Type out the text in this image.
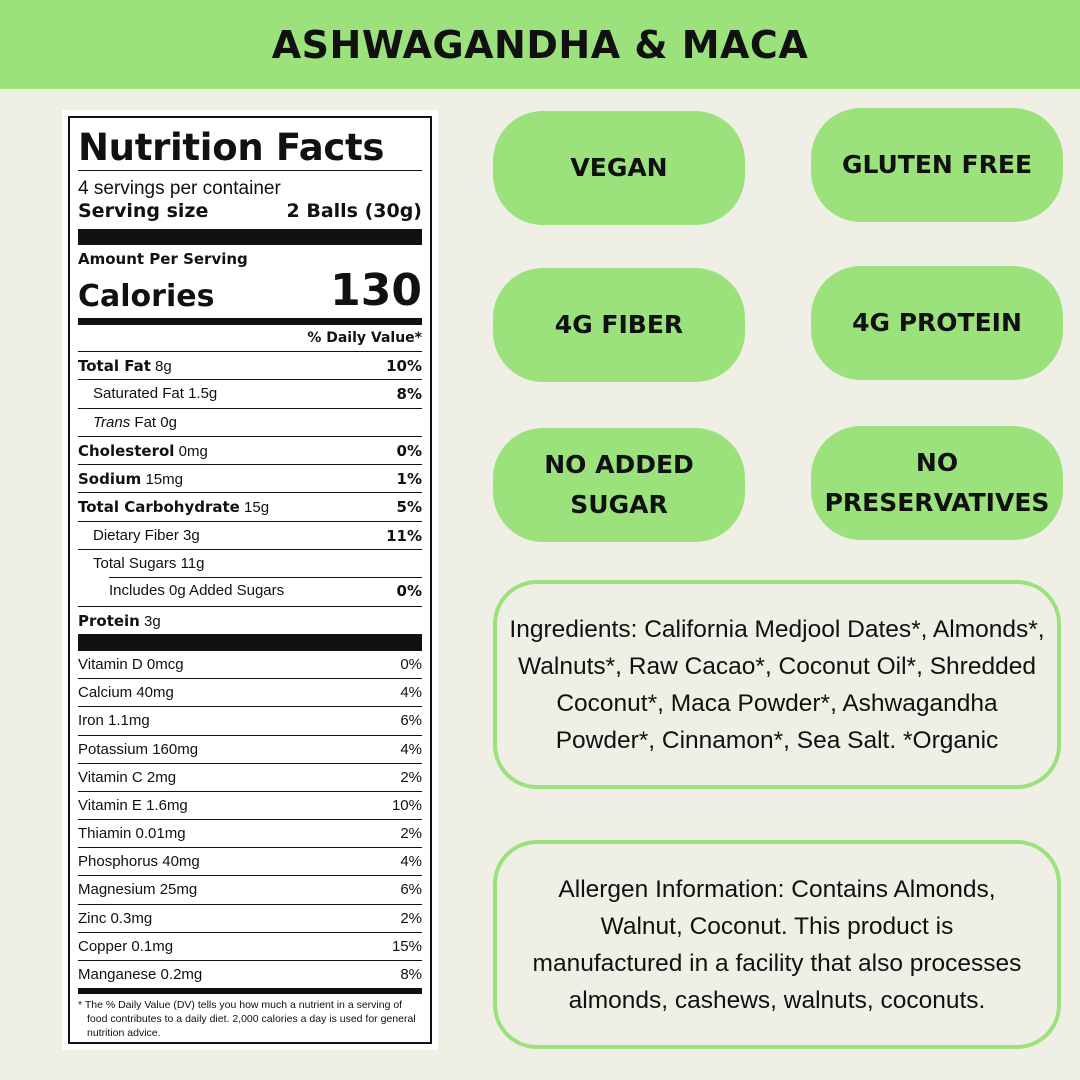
ASHWAGANDHA & MACA
Nutrition Facts
4 servings per container
Serving size	2 Balls (30g)
Amount Per Serving
Calories	130
% Daily Value*
Total Fat 8g	10%
Saturated Fat 1.5g	8%
Trans Fat 0g
Cholesterol 0mg	0%
Sodium 15mg	1%
Total Carbohydrate 15g	5%
Dietary Fiber 3g	11%
Total Sugars 11g
Includes 0g Added Sugars	0%
Protein 3g
Vitamin D 0mcg	0%
Calcium 40mg	4%
Iron 1.1mg	6%
Potassium 160mg	4%
Vitamin C 2mg	2%
Vitamin E 1.6mg	10%
Thiamin 0.01mg	2%
Phosphorus 40mg	4%
Magnesium 25mg	6%
Zinc 0.3mg	2%
Copper 0.1mg	15%
Manganese 0.2mg	8%
* The % Daily Value (DV) tells you how much a nutrient in a serving of food contributes to a daily diet. 2,000 calories a day is used for general nutrition advice.
VEGAN	GLUTEN FREE
4G FIBER	4G PROTEIN
NO ADDED SUGAR
NO PRESERVATIVES

Ingredients: California Medjool Dates*, Almonds*, Walnuts*, Raw Cacao*, Coconut Oil*, Shredded Coconut*, Maca Powder*, Ashwagandha Powder*, Cinnamon*, Sea Salt. *Organic

Allergen Information: Contains Almonds, Walnut, Coconut. This product is manufactured in a facility that also processes almonds, cashews, walnuts, coconuts.
